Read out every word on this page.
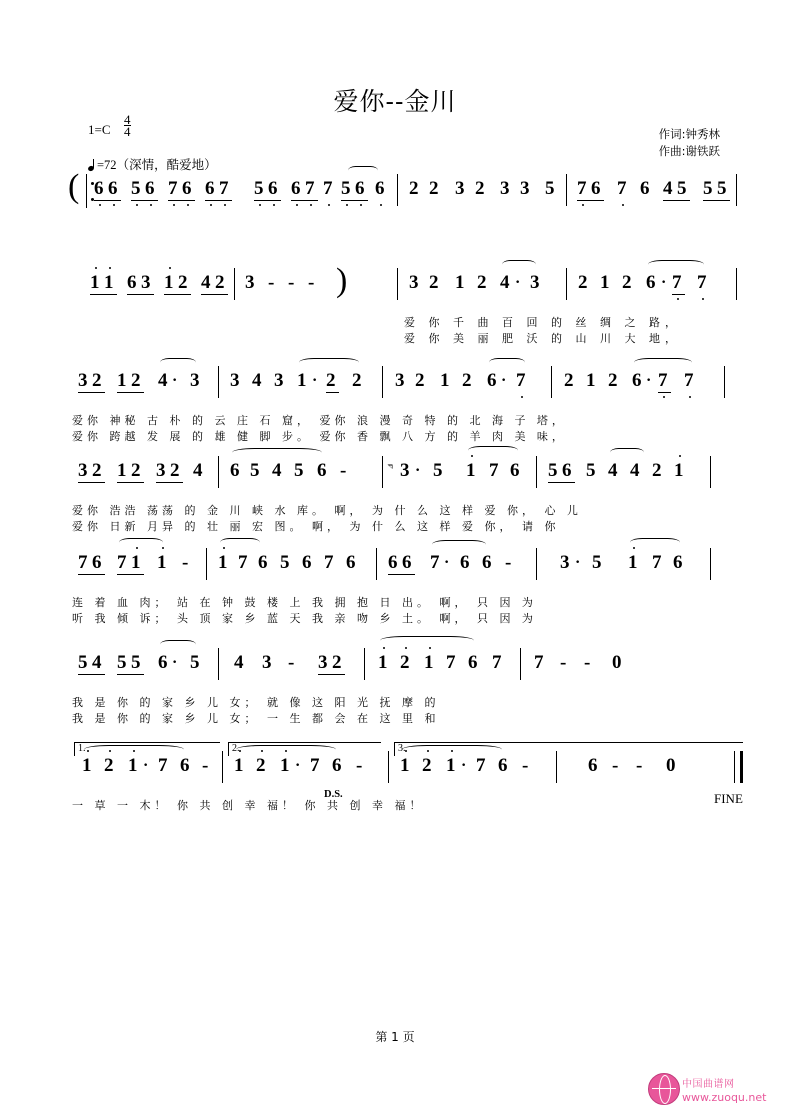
爱你--金川
$1=C \frac{4}{4}$
=72（深情，酷爱地）
作词:钟秀林
作曲:谢铁跃
( 6 6 5 6 7 6 6 7 5 6 6 7 7 5 6 6 2 2 3 2 3 3 5 7 6 7 6 4 5 5 5
1 1 6 3 1 2 4 2 3 - - - )	3 2 1 2 4 · 3 2 1 2 6 · 7 7
爱 你 千 曲 百 回 的 丝 绸 之 路，
爱 你 美 丽 肥 沃 的 山 川 大 地，
3 2 1 2 4 · 3 3 4 3 1 · 2 2 3 2 1 2 6 · 7 2 1 2 6 · 7 7
爱你 神秘 古 朴 的 云 庄 石 窟， 爱你 浪 漫 奇 特 的 北 海 子 塔，
爱你 跨越 发 展 的 雄 健 脚 步。 爱你 香 飘 八 方 的 羊 肉 美 味，
3 2 1 2 3 2 4 6 5 4 5 6 - 𝅐 3 · 5 1 7 6 5 6 5 4 4 2 1
爱你 浩浩 荡荡 的 金 川 峡 水 库。 啊， 为 什 么 这 样 爱 你， 心 儿
爱你 日新 月异 的 壮 丽 宏 图。 啊， 为 什 么 这 样 爱 你， 请 你
7 6 7 1 1 - 1 7 6 5 6 7 6 6 6 7 · 6 6 -	3 · 5 1 7 6
连 着 血 肉； 站 在 钟 鼓 楼 上 我 拥 抱 日 出。 啊， 只 因 为
听 我 倾 诉； 头 顶 家 乡 蓝 天 我 亲 吻 乡 土。 啊， 只 因 为
5 4 5 5 6 · 5 4 3 - 3 2 1 2 1 7 6 7 7 - - 0
我 是 你 的 家 乡 儿 女； 就 像 这 阳 光 抚 摩 的
我 是 你 的 家 乡 儿 女； 一 生 都 会 在 这 里 和
1.	2.	3.
1 2 1 · 7 6 - 1 2 1 · 7 6 -
D.S.
1 2 1 · 7 6 -	6 - - 0
FINE
一 草 一 木！ 你 共 创 幸 福！ 你 共 创 幸 福！
第 1 页
中国曲谱网
www.zuoqu.net
